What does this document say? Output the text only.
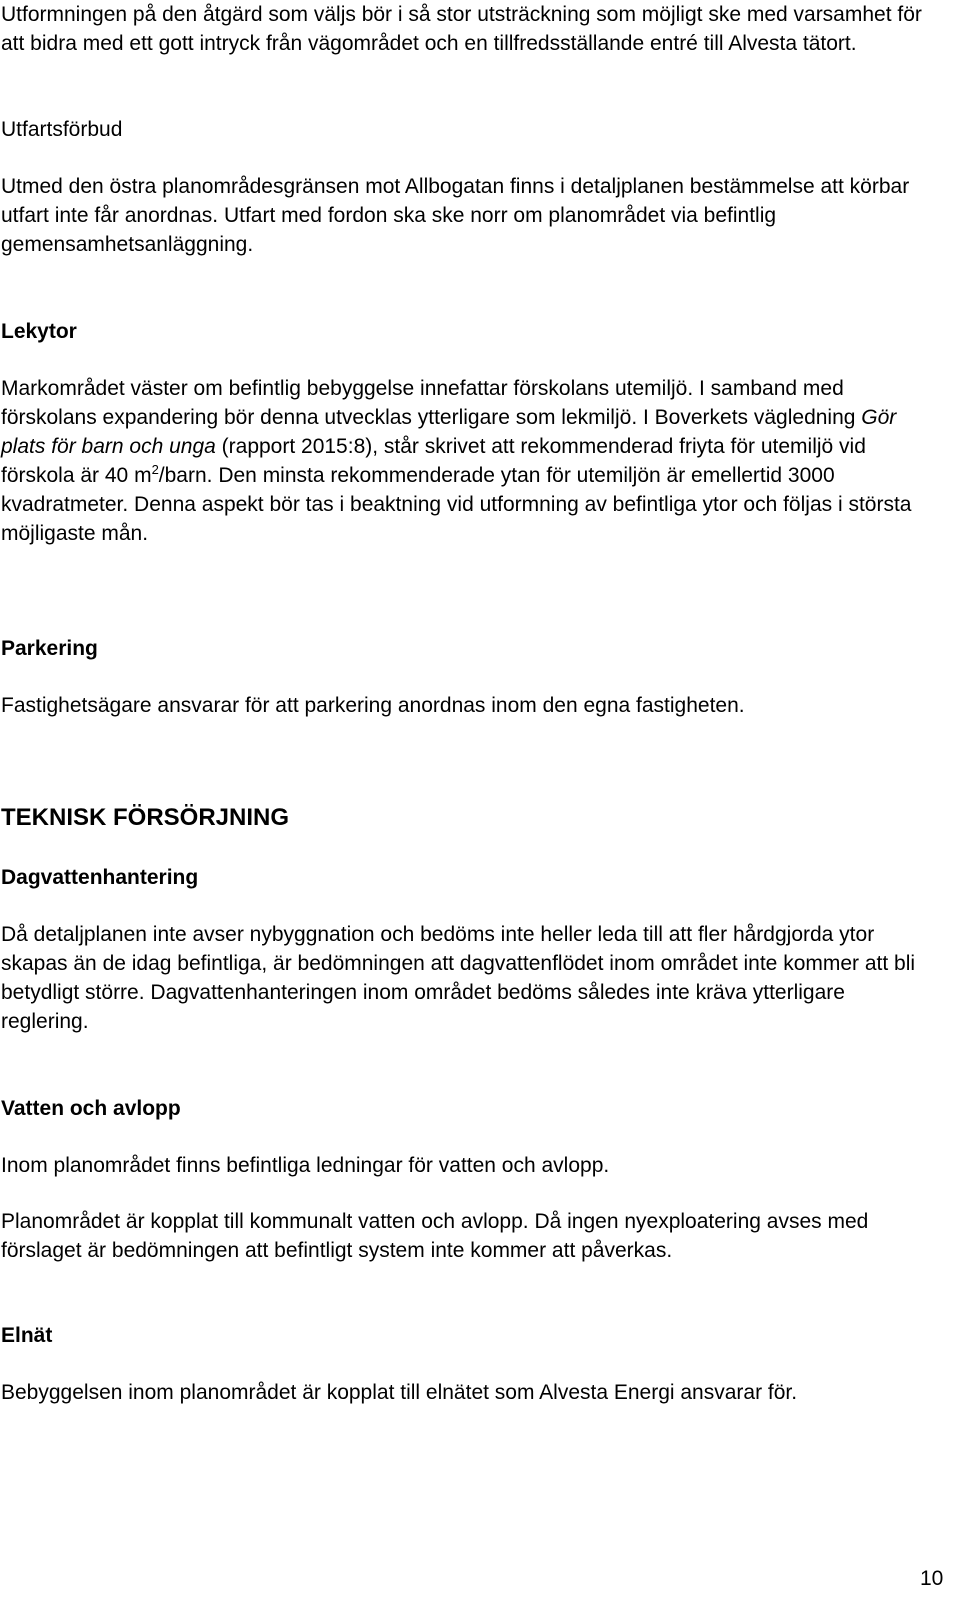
Utformningen på den åtgärd som väljs bör i så stor utsträckning som möjligt ske med varsamhet för att bidra med ett gott intryck från vägområdet och en tillfredsställande entré till Alvesta tätort.

Utfartsförbud

Utmed den östra planområdesgränsen mot Allbogatan finns i detaljplanen bestämmelse att körbar utfart inte får anordnas. Utfart med fordon ska ske norr om planområdet via befintlig gemensamhetsanläggning.

Lekytor

Markområdet väster om befintlig bebyggelse innefattar förskolans utemiljö. I samband med förskolans expandering bör denna utvecklas ytterligare som lekmiljö. I Boverkets vägledning Gör plats för barn och unga (rapport 2015:8), står skrivet att rekommenderad friyta för utemiljö vid förskola är 40 $m^2$/barn. Den minsta rekommenderade ytan för utemiljön är emellertid 3000 kvadratmeter. Denna aspekt bör tas i beaktning vid utformning av befintliga ytor och följas i största möjligaste mån.

Parkering

Fastighetsägare ansvarar för att parkering anordnas inom den egna fastigheten.

TEKNISK FÖRSÖRJNING

Dagvattenhantering

Då detaljplanen inte avser nybyggnation och bedöms inte heller leda till att fler hårdgjorda ytor skapas än de idag befintliga, är bedömningen att dagvattenflödet inom området inte kommer att bli betydligt större. Dagvattenhanteringen inom området bedöms således inte kräva ytterligare reglering.

Vatten och avlopp

Inom planområdet finns befintliga ledningar för vatten och avlopp.

Planområdet är kopplat till kommunalt vatten och avlopp. Då ingen nyexploatering avses med förslaget är bedömningen att befintligt system inte kommer att påverkas.

Elnät

Bebyggelsen inom planområdet är kopplat till elnätet som Alvesta Energi ansvarar för.

10
